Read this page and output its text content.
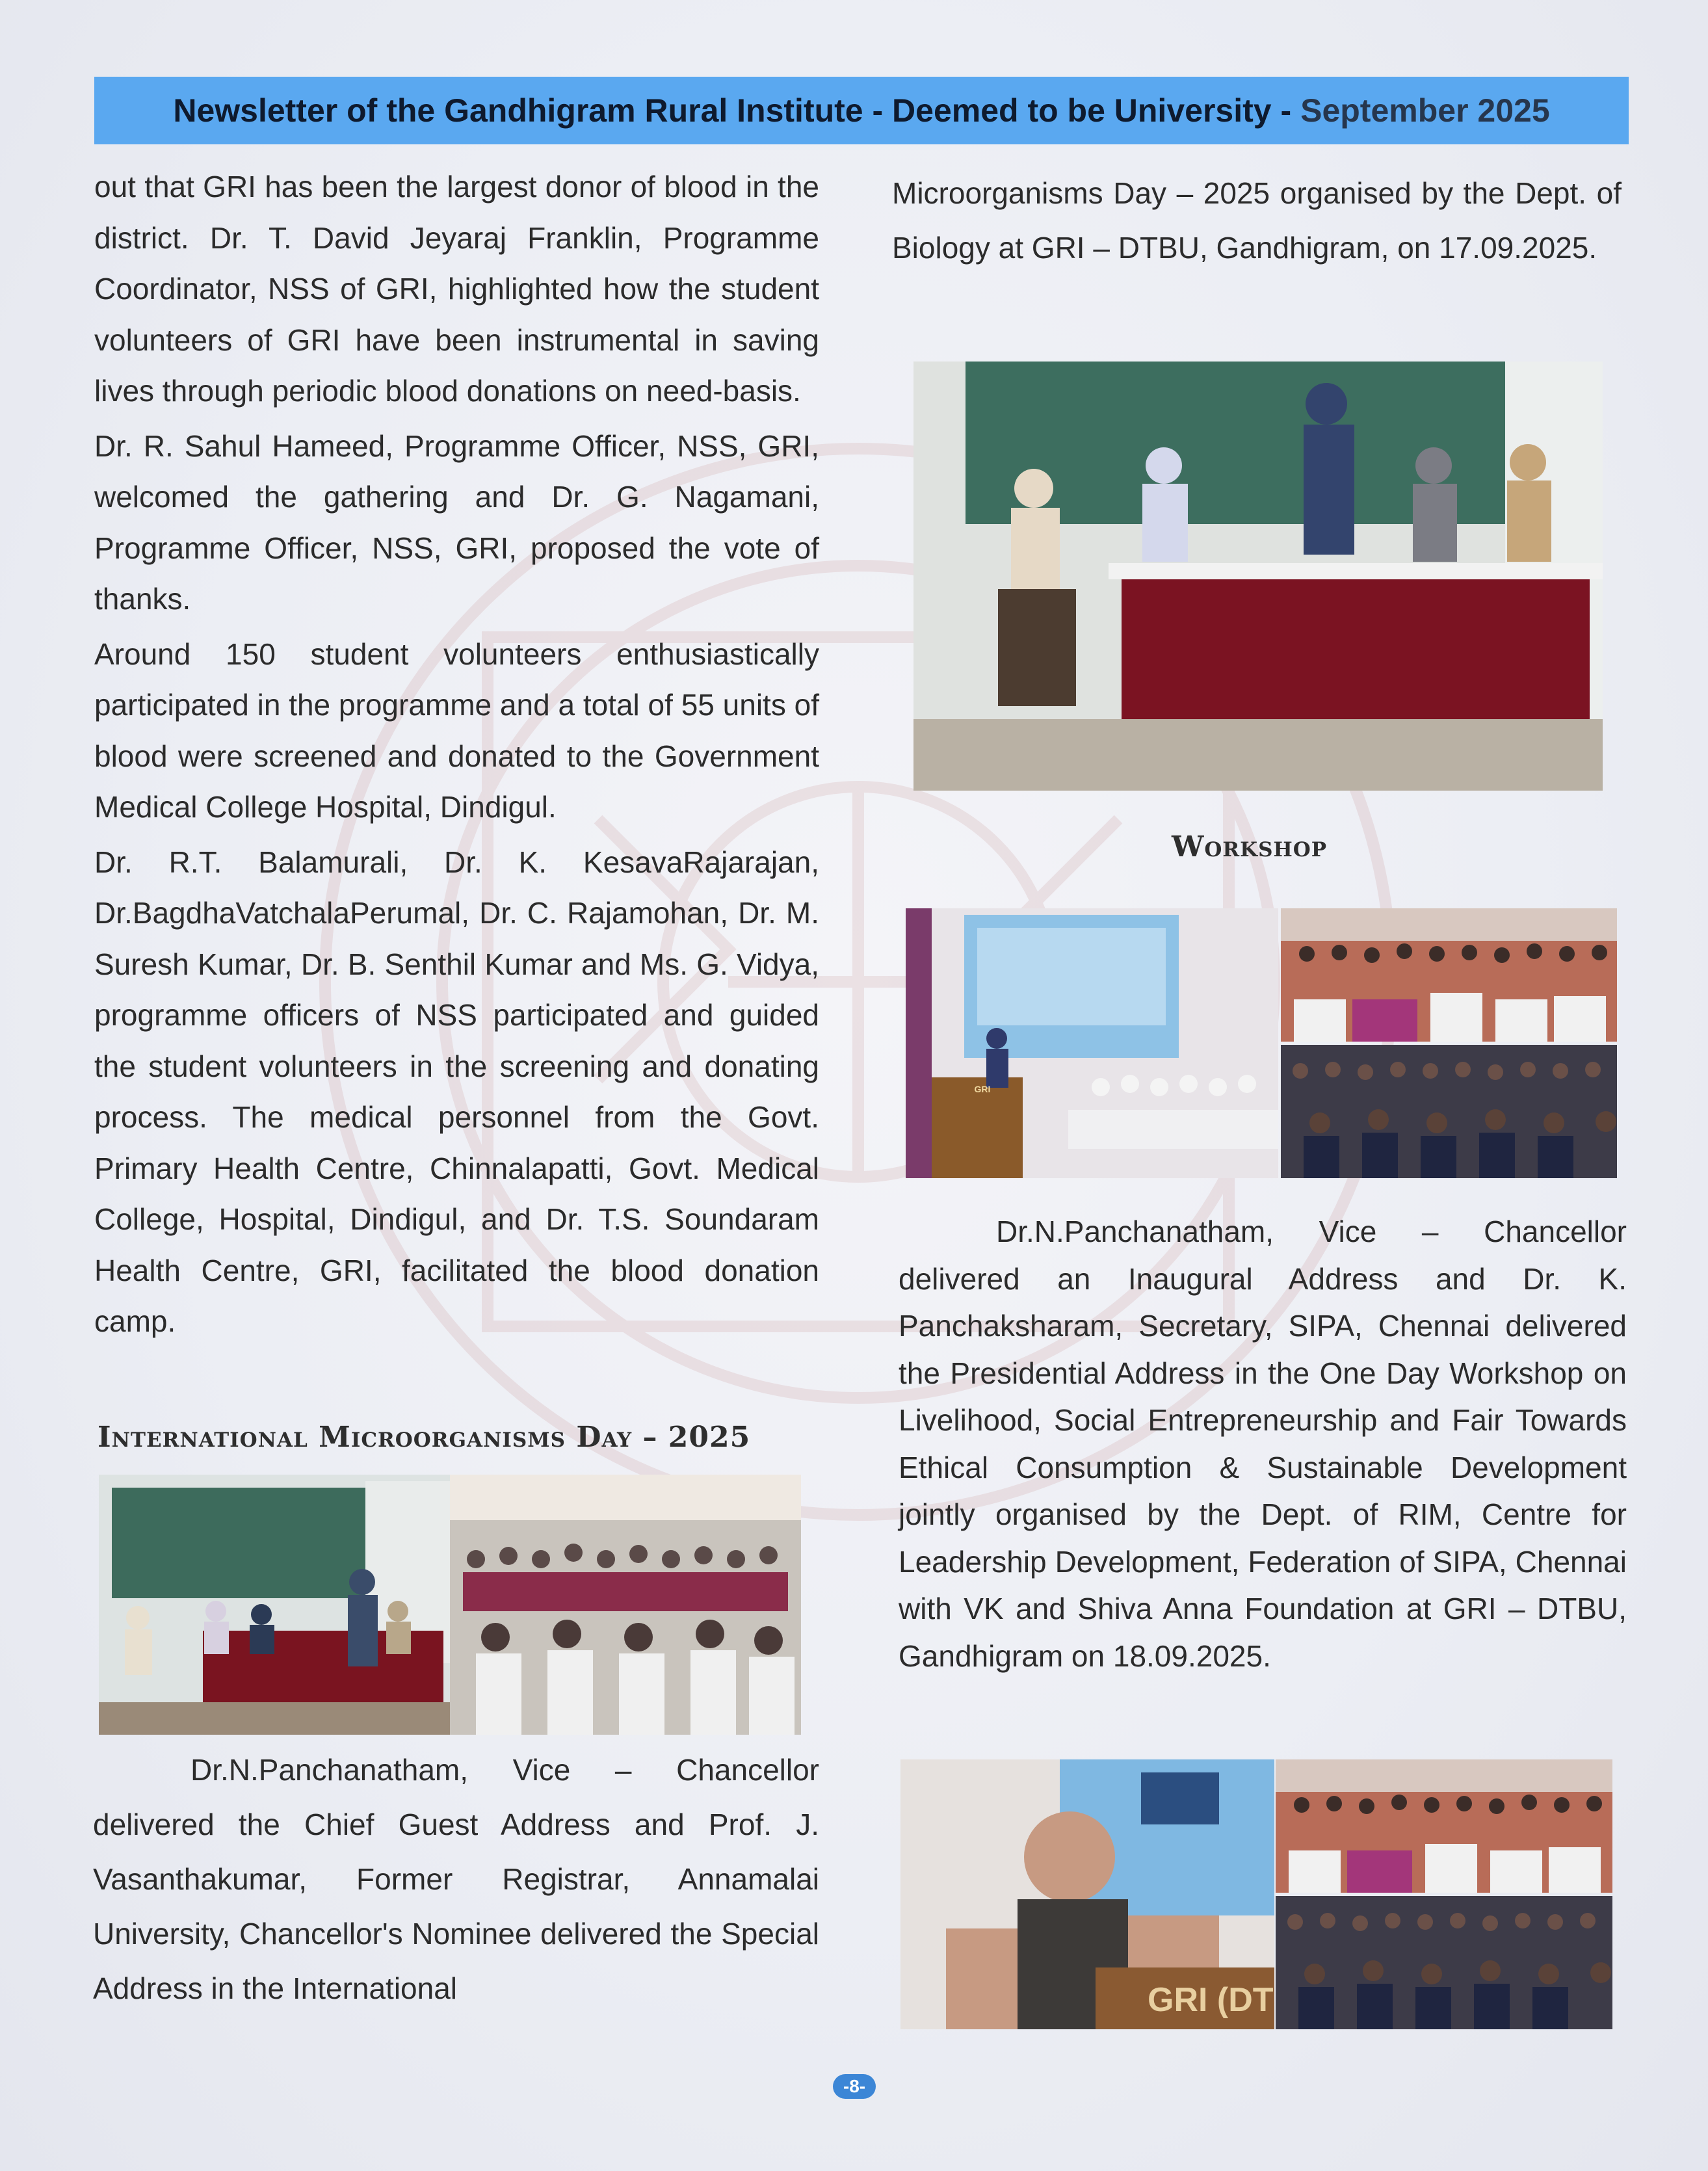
Newsletter of the Gandhigram Rural Institute - Deemed to be University - September 2025

out that GRI has been the largest donor of blood in the district. Dr. T. David Jeyaraj Franklin, Programme Coordinator, NSS of GRI, highlighted how the student volunteers of GRI have been instrumental in saving lives through periodic blood donations on need-basis.

Dr. R. Sahul Hameed, Programme Officer, NSS, GRI, welcomed the gathering and Dr. G. Nagamani, Programme Officer, NSS, GRI, proposed the vote of thanks.

Around 150 student volunteers enthusiastically participated in the programme and a total of 55 units of blood were screened and donated to the Government Medical College Hospital, Dindigul.

Dr. R.T. Balamurali, Dr. K. KesavaRajarajan, Dr.BagdhaVatchalaPerumal, Dr. C. Rajamohan, Dr. M. Suresh Kumar, Dr. B. Senthil Kumar and Ms. G. Vidya, programme officers of NSS participated and guided the student volunteers in the screening and donating process. The medical personnel from the Govt. Primary Health Centre, Chinnalapatti, Govt. Medical College, Hospital, Dindigul, and Dr. T.S. Soundaram Health Centre, GRI, facilitated the blood donation camp.

International Microorganisms Day – 2025

Dr.N.Panchanatham, Vice – Chancellor delivered the Chief Guest Address and Prof. J. Vasanthakumar, Former Registrar, Annamalai University, Chancellor's Nominee delivered the Special Address in the International

Microorganisms Day – 2025 organised by the Dept. of Biology at GRI – DTBU, Gandhigram, on 17.09.2025.

Workshop
GRI

Dr.N.Panchanatham, Vice – Chancellor delivered an Inaugural Address and Dr. K. Panchaksharam, Secretary, SIPA, Chennai delivered the Presidential Address in the One Day Workshop on Livelihood, Social Entrepreneurship and Fair Towards Ethical Consumption & Sustainable Development jointly organised by the Dept. of RIM, Centre for Leadership Development, Federation of SIPA, Chennai with VK and Shiva Anna Foundation at GRI – DTBU, Gandhigram on 18.09.2025.

GRI (DT
-8-
